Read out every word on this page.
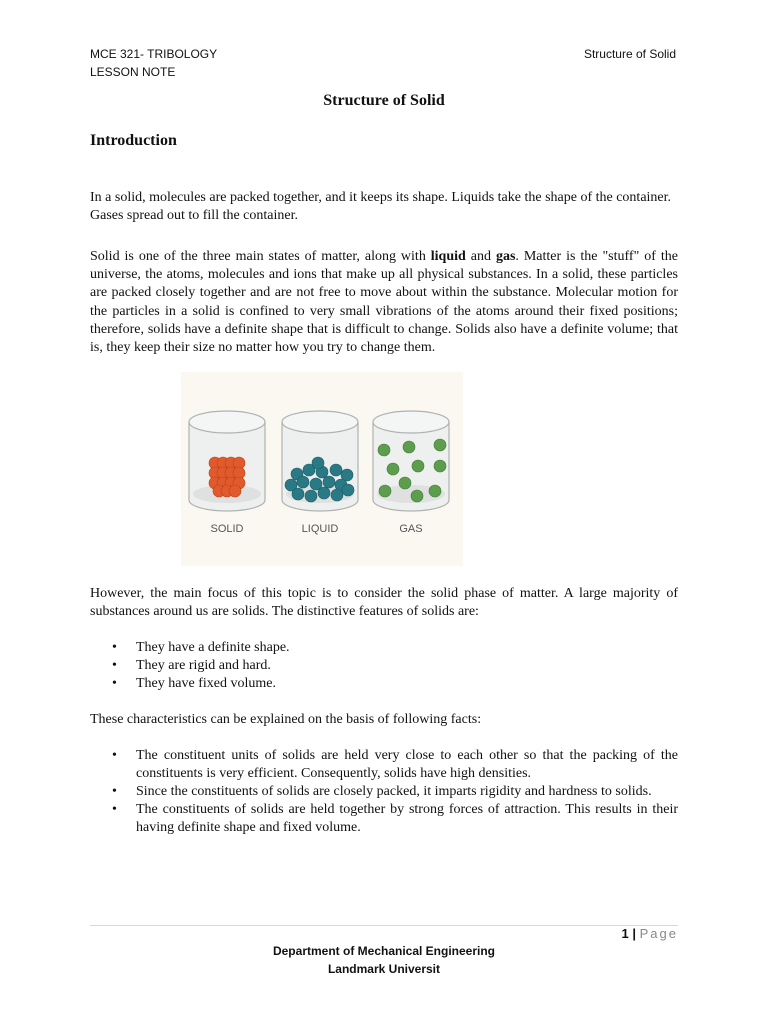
MCE 321- TRIBOLOGY
LESSON NOTE
Structure of Solid
Structure of Solid
Introduction
In a solid, molecules are packed together, and it keeps its shape. Liquids take the shape of the container. Gases spread out to fill the container.
Solid is one of the three main states of matter, along with liquid and gas. Matter is the "stuff" of the universe, the atoms, molecules and ions that make up all physical substances. In a solid, these particles are packed closely together and are not free to move about within the substance. Molecular motion for the particles in a solid is confined to very small vibrations of the atoms around their fixed positions; therefore, solids have a definite shape that is difficult to change. Solids also have a definite volume; that is, they keep their size no matter how you try to change them.
SOLID	LIQUID	GAS
However, the main focus of this topic is to consider the solid phase of matter. A large majority of substances around us are solids. The distinctive features of solids are:
• They have a definite shape.
• They are rigid and hard.
• They have fixed volume.
These characteristics can be explained on the basis of following facts:
• The constituent units of solids are held very close to each other so that the packing of the constituents is very efficient. Consequently, solids have high densities.
• Since the constituents of solids are closely packed, it imparts rigidity and hardness to solids.
• The constituents of solids are held together by strong forces of attraction. This results in their having definite shape and fixed volume.
1 | Page
Department of Mechanical Engineering
Landmark Universit
